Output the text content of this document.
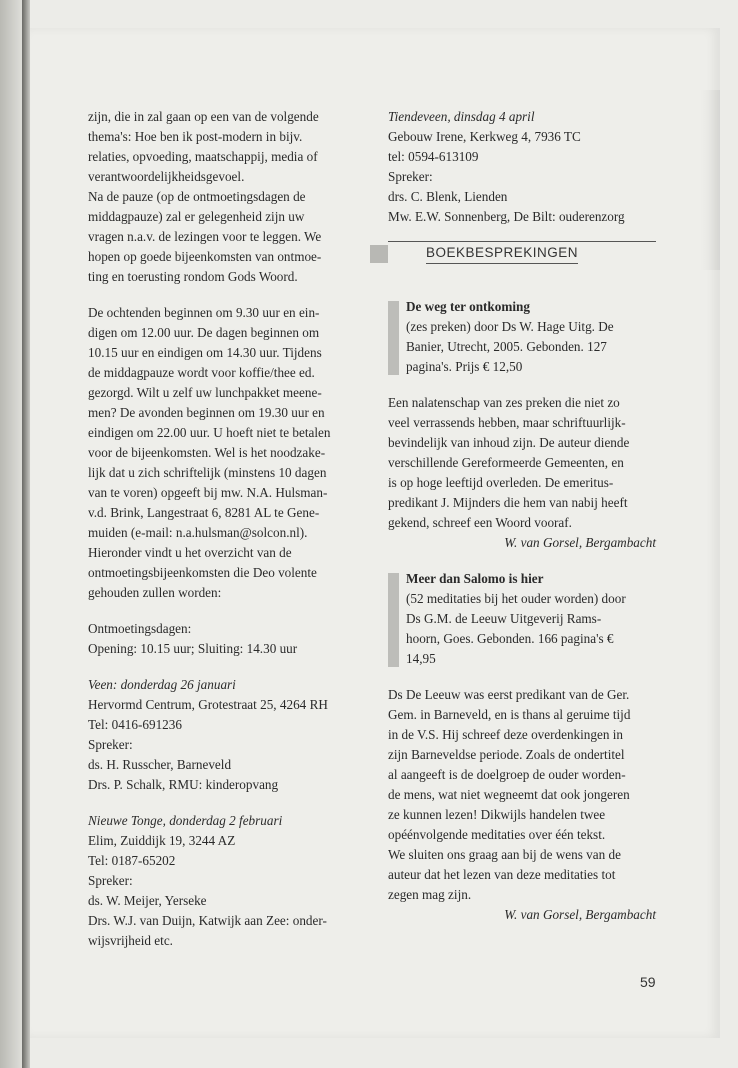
zijn, die in zal gaan op een van de volgende

thema's: Hoe ben ik post-modern in bijv.

relaties, opvoeding, maatschappij, media of

verantwoordelijkheidsgevoel.

Na de pauze (op de ontmoetingsdagen de

middagpauze) zal er gelegenheid zijn uw

vragen n.a.v. de lezingen voor te leggen. We

hopen op goede bijeenkomsten van ontmoe-

ting en toerusting rondom Gods Woord.

De ochtenden beginnen om 9.30 uur en ein-

digen om 12.00 uur. De dagen beginnen om

10.15 uur en eindigen om 14.30 uur. Tijdens

de middagpauze wordt voor koffie/thee ed.

gezorgd. Wilt u zelf uw lunchpakket meene-

men? De avonden beginnen om 19.30 uur en

eindigen om 22.00 uur. U hoeft niet te betalen

voor de bijeenkomsten. Wel is het noodzake-

lijk dat u zich schriftelijk (minstens 10 dagen

van te voren) opgeeft bij mw. N.A. Hulsman-

v.d. Brink, Langestraat 6, 8281 AL te Gene-

muiden (e-mail: n.a.hulsman@solcon.nl).

Hieronder vindt u het overzicht van de

ontmoetingsbijeenkomsten die Deo volente

gehouden zullen worden:

Ontmoetingsdagen:

Opening: 10.15 uur; Sluiting: 14.30 uur

Veen: donderdag 26 januari

Hervormd Centrum, Grotestraat 25, 4264 RH

Tel: 0416-691236

Spreker:

ds. H. Russcher, Barneveld

Drs. P. Schalk, RMU: kinderopvang

Nieuwe Tonge, donderdag 2 februari

Elim, Zuiddijk 19, 3244 AZ

Tel: 0187-65202

Spreker:

ds. W. Meijer, Yerseke

Drs. W.J. van Duijn, Katwijk aan Zee: onder-

wijsvrijheid etc.

Tiendeveen, dinsdag 4 april

Gebouw Irene, Kerkweg 4, 7936 TC

tel: 0594-613109

Spreker:

drs. C. Blenk, Lienden

Mw. E.W. Sonnenberg, De Bilt: ouderenzorg

BOEKBESPREKINGEN

De weg ter ontkoming

(zes preken) door Ds W. Hage Uitg. De

Banier, Utrecht, 2005. Gebonden. 127

pagina's. Prijs € 12,50

Een nalatenschap van zes preken die niet zo

veel verrassends hebben, maar schriftuurlijk-

bevindelijk van inhoud zijn. De auteur diende

verschillende Gereformeerde Gemeenten, en

is op hoge leeftijd overleden. De emeritus-

predikant J. Mijnders die hem van nabij heeft

gekend, schreef een Woord vooraf.

W. van Gorsel, Bergambacht

Meer dan Salomo is hier

(52 meditaties bij het ouder worden) door

Ds G.M. de Leeuw Uitgeverij Rams-

hoorn, Goes. Gebonden. 166 pagina's €

14,95

Ds De Leeuw was eerst predikant van de Ger.

Gem. in Barneveld, en is thans al geruime tijd

in de V.S. Hij schreef deze overdenkingen in

zijn Barneveldse periode. Zoals de ondertitel

al aangeeft is de doelgroep de ouder worden-

de mens, wat niet wegneemt dat ook jongeren

ze kunnen lezen! Dikwijls handelen twee

opéénvolgende meditaties over één tekst.

We sluiten ons graag aan bij de wens van de

auteur dat het lezen van deze meditaties tot

zegen mag zijn.

W. van Gorsel, Bergambacht

59
